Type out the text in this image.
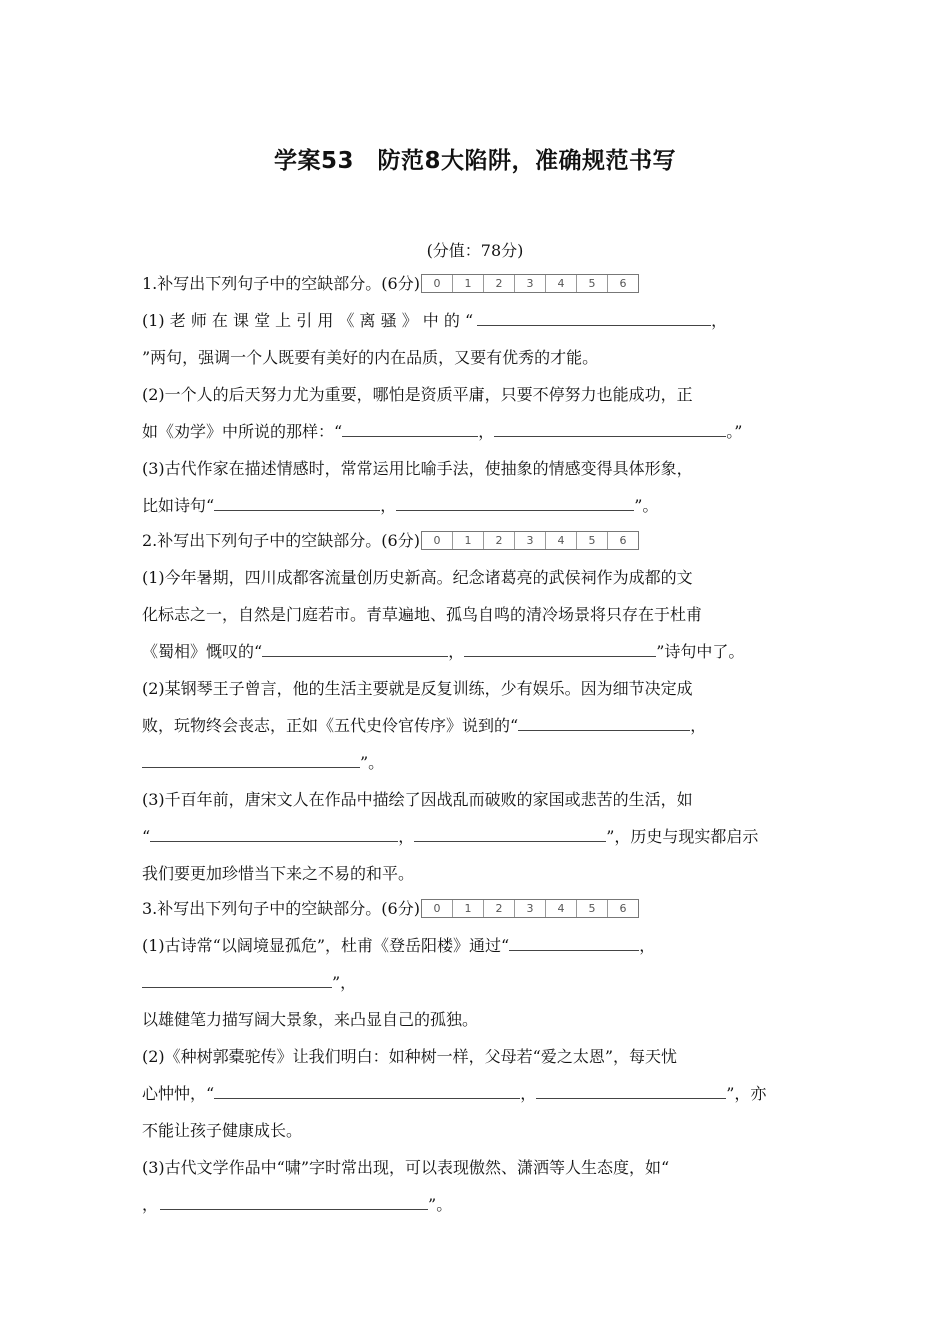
学案53　防范8大陷阱，准确规范书写
(分值：78分)
1.补写出下列句子中的空缺部分。(6分)	0	1	2	3	4	5	6
(1) 老 师 在 课 堂 上 引 用 《 离 骚 》 中 的 “	，
”两句，强调一个人既要有美好的内在品质，又要有优秀的才能。
(2)一个人的后天努力尤为重要，哪怕是资质平庸，只要不停努力也能成功，正
如《劝学》中所说的那样：“	，	。”
(3)古代作家在描述情感时，常常运用比喻手法，使抽象的情感变得具体形象，
比如诗句“	，	”。
2.补写出下列句子中的空缺部分。(6分)	0	1	2	3	4	5	6
(1)今年暑期，四川成都客流量创历史新高。纪念诸葛亮的武侯祠作为成都的文
化标志之一，自然是门庭若市。青草遍地、孤鸟自鸣的清冷场景将只存在于杜甫
《蜀相》慨叹的“	，	”诗句中了。
(2)某钢琴王子曾言，他的生活主要就是反复训练，少有娱乐。因为细节决定成
败，玩物终会丧志，正如《五代史伶官传序》说到的“	，
”。
(3)千百年前，唐宋文人在作品中描绘了因战乱而破败的家国或悲苦的生活，如
“	，	”，历史与现实都启示
我们要更加珍惜当下来之不易的和平。
3.补写出下列句子中的空缺部分。(6分)	0	1	2	3	4	5	6
(1)古诗常“以阔境显孤危”，杜甫《登岳阳楼》通过“	，
”，
以雄健笔力描写阔大景象，来凸显自己的孤独。
(2)《种树郭橐驼传》让我们明白：如种树一样，父母若“爱之太恩”，每天忧
心忡忡，“	，	”，亦
不能让孩子健康成长。
(3)古代文学作品中“啸”字时常出现，可以表现傲然、潇洒等人生态度，如“
，	”。
